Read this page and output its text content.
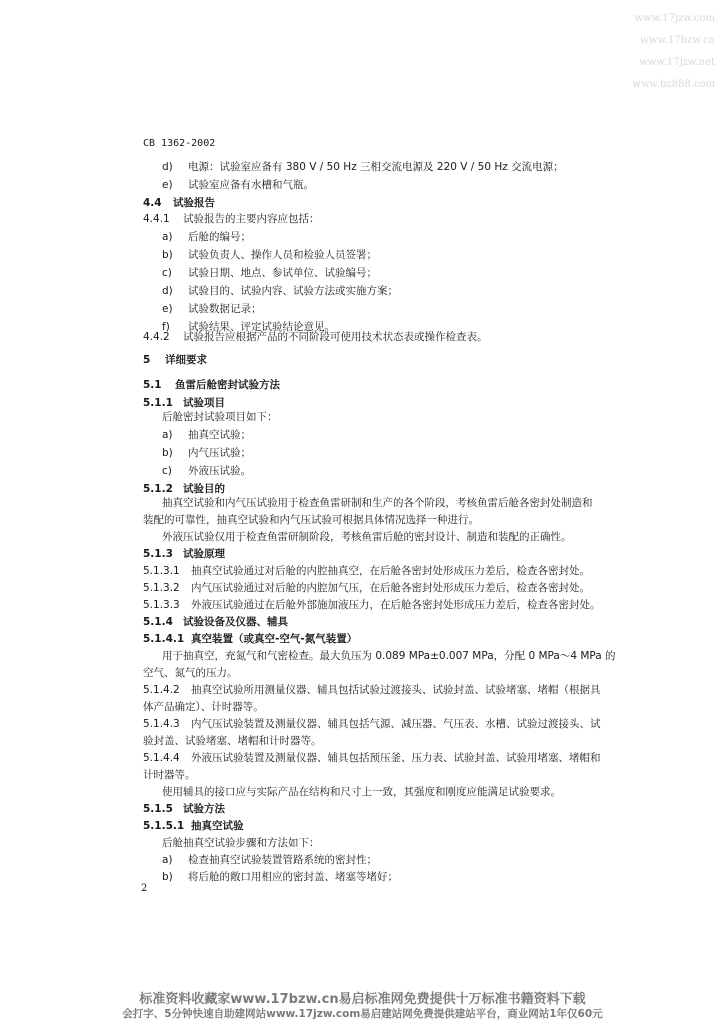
www.17jzw.com
www.17bzw.cn
www.17jzw.net
www.bz888.com
CB 1362-2002
d) 电源：试验室应备有 380 V / 50 Hz 三相交流电源及 220 V / 50 Hz 交流电源；
e) 试验室应备有水槽和气瓶。
4.4 试验报告
4.4.1 试验报告的主要内容应包括：
a) 后舱的编号；
b) 试验负责人、操作人员和检验人员签署；
c) 试验日期、地点、参试单位、试验编号；
d) 试验目的、试验内容、试验方法或实施方案；
e) 试验数据记录；
f) 试验结果、评定试验结论意见。
4.4.2 试验报告应根据产品的不同阶段可使用技术状态表或操作检查表。
5 详细要求
5.1 鱼雷后舱密封试验方法
5.1.1 试验项目
后舱密封试验项目如下：
a) 抽真空试验；
b) 内气压试验；
c) 外液压试验。
5.1.2 试验目的
抽真空试验和内气压试验用于检查鱼雷研制和生产的各个阶段，考核鱼雷后舱各密封处制造和
装配的可靠性，抽真空试验和内气压试验可根据具体情况选择一种进行。
外液压试验仅用于检查鱼雷研制阶段，考核鱼雷后舱的密封设计、制造和装配的正确性。
5.1.3 试验原理
5.1.3.1 抽真空试验通过对后舱的内腔抽真空，在后舱各密封处形成压力差后，检查各密封处。
5.1.3.2 内气压试验通过对后舱的内腔加气压，在后舱各密封处形成压力差后，检查各密封处。
5.1.3.3 外液压试验通过在后舱外部施加液压力，在后舱各密封处形成压力差后，检查各密封处。
5.1.4 试验设备及仪器、辅具
5.1.4.1 真空装置（或真空-空气-氮气装置）
用于抽真空，充氮气和气密检查。最大负压为 0.089 MPa±0.007 MPa，分配 0 MPa～4 MPa 的
空气、氮气的压力。
5.1.4.2 抽真空试验所用测量仪器、辅具包括试验过渡接头、试验封盖、试验堵塞、堵帽（根据具
体产品确定）、计时器等。
5.1.4.3 内气压试验装置及测量仪器、辅具包括气源、减压器、气压表、水槽、试验过渡接头、试
验封盖、试验堵塞、堵帽和计时器等。
5.1.4.4 外液压试验装置及测量仪器、辅具包括预压釜、压力表、试验封盖、试验用堵塞、堵帽和
计时器等。
使用辅具的接口应与实际产品在结构和尺寸上一致，其强度和刚度应能满足试验要求。
5.1.5 试验方法
5.1.5.1 抽真空试验
后舱抽真空试验步骤和方法如下：
a) 检查抽真空试验装置管路系统的密封性；
b) 将后舱的敞口用相应的密封盖、堵塞等堵好；
2
标准资料收藏家www.17bzw.cn易启标准网免费提供十万标准书籍资料下载
会打字、5分钟快速自助建网站www.17jzw.com易启建站网免费提供建站平台，商业网站1年仅60元
